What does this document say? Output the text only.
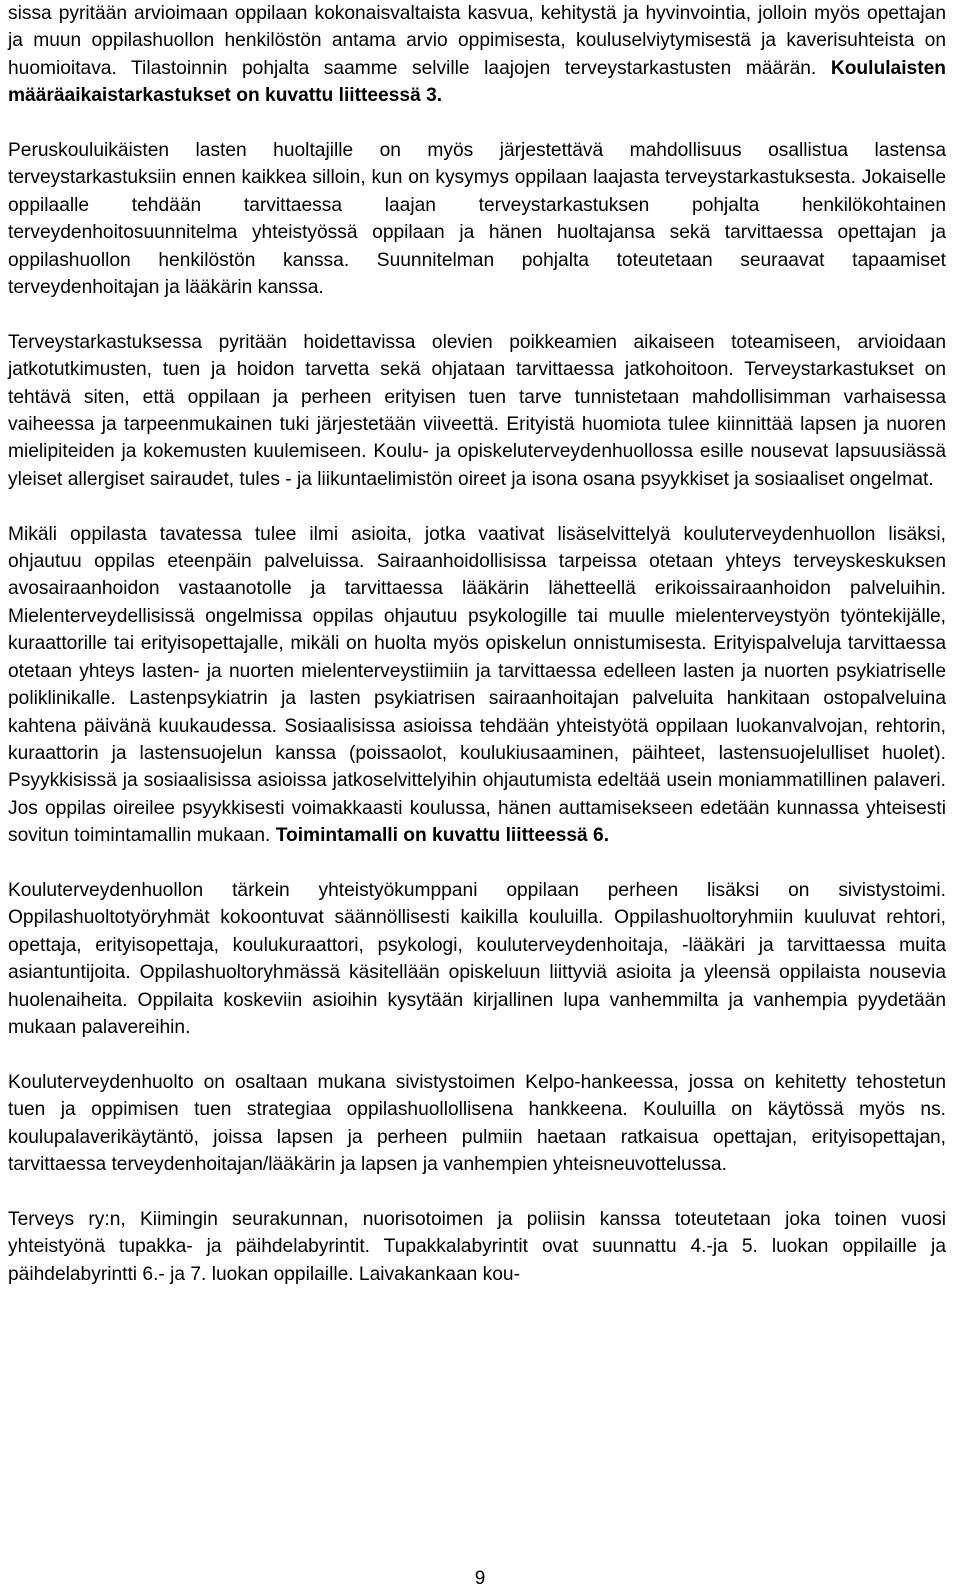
sissa pyritään arvioimaan oppilaan kokonaisvaltaista kasvua, kehitystä ja hyvinvointia, jolloin myös opettajan ja muun oppilashuollon henkilöstön antama arvio oppimisesta, kouluselviytymisestä ja kaverisuhteista on huomioitava. Tilastoinnin pohjalta saamme selville laajojen terveystarkastusten määrän. Koululaisten määräaikaistarkastukset on kuvattu liitteessä 3.

Peruskouluikäisten lasten huoltajille on myös järjestettävä mahdollisuus osallistua lastensa terveystarkastuksiin ennen kaikkea silloin, kun on kysymys oppilaan laajasta terveystarkastuksesta. Jokaiselle oppilaalle tehdään tarvittaessa laajan terveystarkastuksen pohjalta henkilökohtainen terveydenhoitosuunnitelma yhteistyössä oppilaan ja hänen huoltajansa sekä tarvittaessa opettajan ja oppilashuollon henkilöstön kanssa. Suunnitelman pohjalta toteutetaan seuraavat tapaamiset terveydenhoitajan ja lääkärin kanssa.

Terveystarkastuksessa pyritään hoidettavissa olevien poikkeamien aikaiseen toteamiseen, arvioidaan jatkotutkimusten, tuen ja hoidon tarvetta sekä ohjataan tarvittaessa jatkohoitoon. Terveystarkastukset on tehtävä siten, että oppilaan ja perheen erityisen tuen tarve tunnistetaan mahdollisimman varhaisessa vaiheessa ja tarpeenmukainen tuki järjestetään viiveettä. Erityistä huomiota tulee kiinnittää lapsen ja nuoren mielipiteiden ja kokemusten kuulemiseen. Koulu- ja opiskeluterveydenhuollossa esille nousevat lapsuusiässä yleiset allergiset sairaudet, tules - ja liikuntaelimistön oireet ja isona osana psyykkiset ja sosiaaliset ongelmat.

Mikäli oppilasta tavatessa tulee ilmi asioita, jotka vaativat lisäselvittelyä kouluterveydenhuollon lisäksi, ohjautuu oppilas eteenpäin palveluissa. Sairaanhoidollisissa tarpeissa otetaan yhteys terveyskeskuksen avosairaanhoidon vastaanotolle ja tarvittaessa lääkärin lähetteellä erikoissairaanhoidon palveluihin. Mielenterveydellisissä ongelmissa oppilas ohjautuu psykologille tai muulle mielenterveystyön työntekijälle, kuraattorille tai erityisopettajalle, mikäli on huolta myös opiskelun onnistumisesta. Erityispalveluja tarvittaessa otetaan yhteys lasten- ja nuorten mielenterveystiimiin ja tarvittaessa edelleen lasten ja nuorten psykiatriselle poliklinikalle. Lastenpsykiatrin ja lasten psykiatrisen sairaanhoitajan palveluita hankitaan ostopalveluina kahtena päivänä kuukaudessa. Sosiaalisissa asioissa tehdään yhteistyötä oppilaan luokanvalvojan, rehtorin, kuraattorin ja lastensuojelun kanssa (poissaolot, koulukiusaaminen, päihteet, lastensuojelulliset huolet). Psyykkisissä ja sosiaalisissa asioissa jatkoselvittelyihin ohjautumista edeltää usein moniammatillinen palaveri. Jos oppilas oireilee psyykkisesti voimakkaasti koulussa, hänen auttamisekseen edetään kunnassa yhteisesti sovitun toimintamallin mukaan. Toimintamalli on kuvattu liitteessä 6.

Kouluterveydenhuollon tärkein yhteistyökumppani oppilaan perheen lisäksi on sivistystoimi. Oppilashuoltotyöryhmät kokoontuvat säännöllisesti kaikilla kouluilla. Oppilashuoltoryhmiin kuuluvat rehtori, opettaja, erityisopettaja, koulukuraattori, psykologi, kouluterveydenhoitaja, -lääkäri ja tarvittaessa muita asiantuntijoita. Oppilashuoltoryhmässä käsitellään opiskeluun liittyviä asioita ja yleensä oppilaista nousevia huolenaiheita. Oppilaita koskeviin asioihin kysytään kirjallinen lupa vanhemmilta ja vanhempia pyydetään mukaan palavereihin.

Kouluterveydenhuolto on osaltaan mukana sivistystoimen Kelpo-hankeessa, jossa on kehitetty tehostetun tuen ja oppimisen tuen strategiaa oppilashuollollisena hankkeena. Kouluilla on käytössä myös ns. koulupalaverikäytäntö, joissa lapsen ja perheen pulmiin haetaan ratkaisua opettajan, erityisopettajan, tarvittaessa terveydenhoitajan/lääkärin ja lapsen ja vanhempien yhteisneuvottelussa.

Terveys ry:n, Kiimingin seurakunnan, nuorisotoimen ja poliisin kanssa toteutetaan joka toinen vuosi yhteistyönä tupakka- ja päihdelabyrintit. Tupakkalabyrintit ovat suunnattu 4.-ja 5. luokan oppilaille ja päihdelabyrintti 6.- ja 7. luokan oppilaille. Laivakankaan kou-

9
